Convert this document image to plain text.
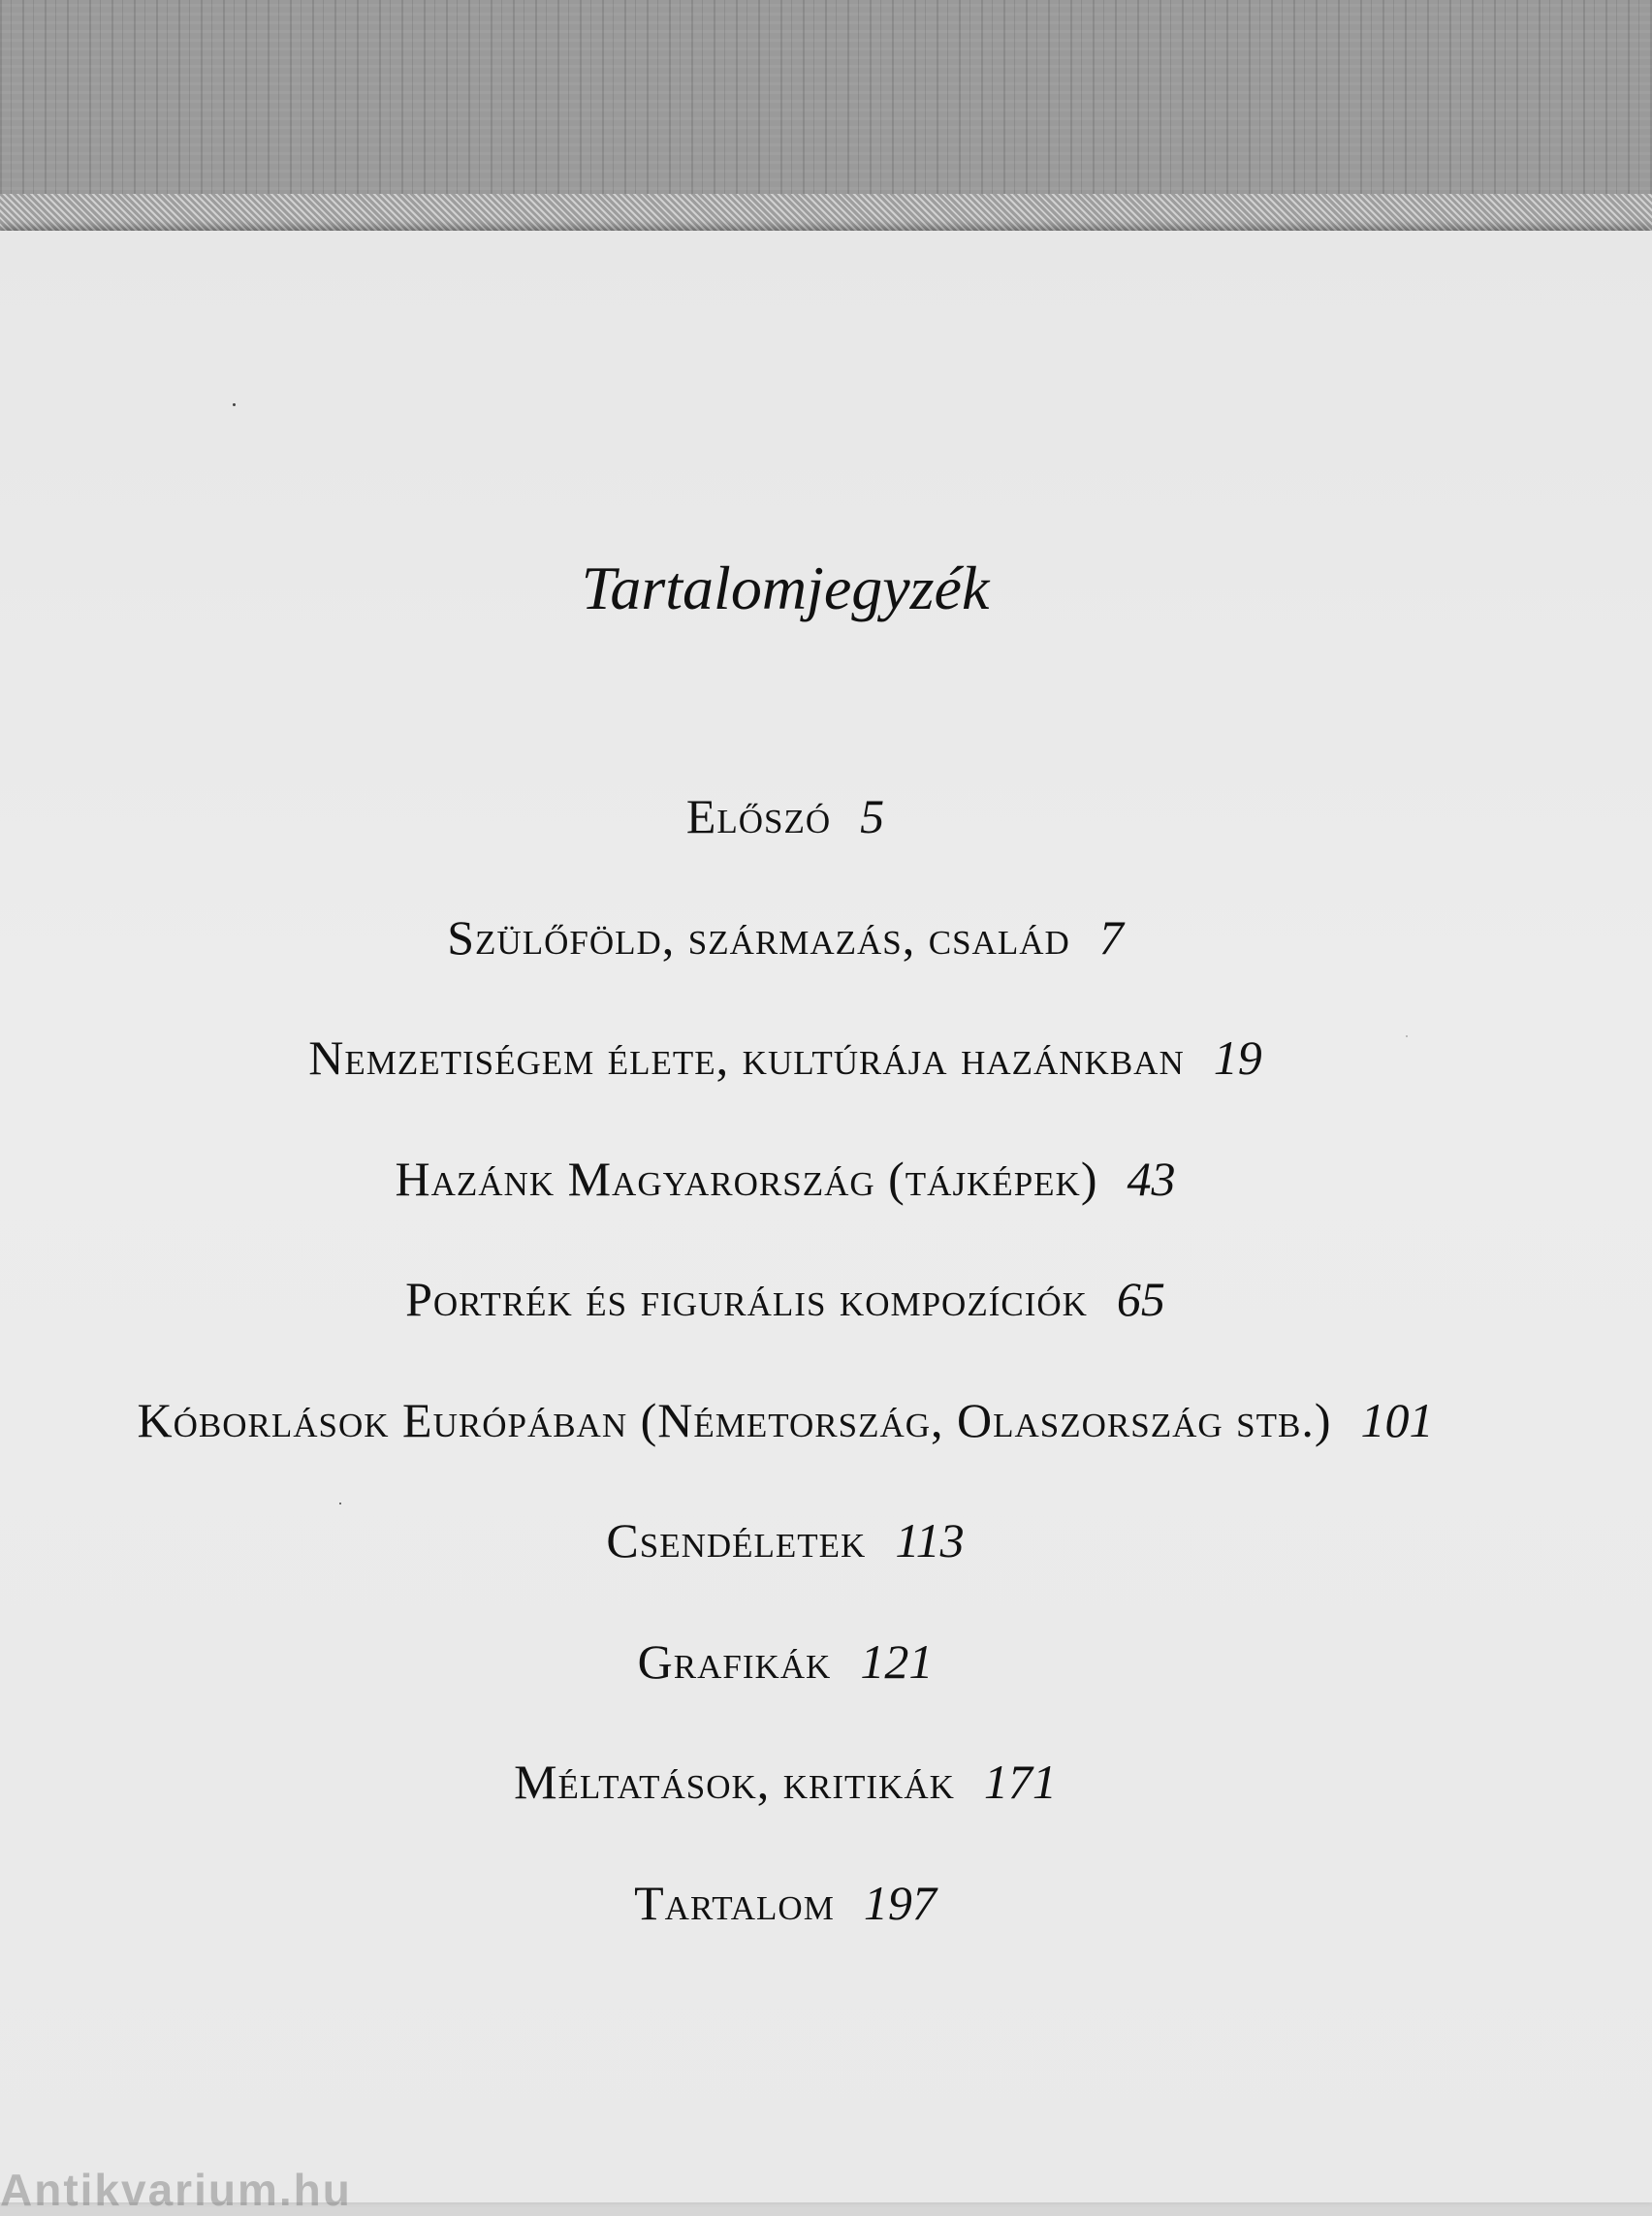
Antikvarium.hu
Tartalomjegyzék
Előszó 5
Szülőföld, származás, család 7
Nemzetiségem élete, kultúrája hazánkban 19
Hazánk Magyarország (tájképek) 43
Portrék és figurális kompozíciók 65
Kóborlások Európában (Németország, Olaszország stb.) 101
Csendéletek 113
Grafikák 121
Méltatások, kritikák 171
Tartalom 197
